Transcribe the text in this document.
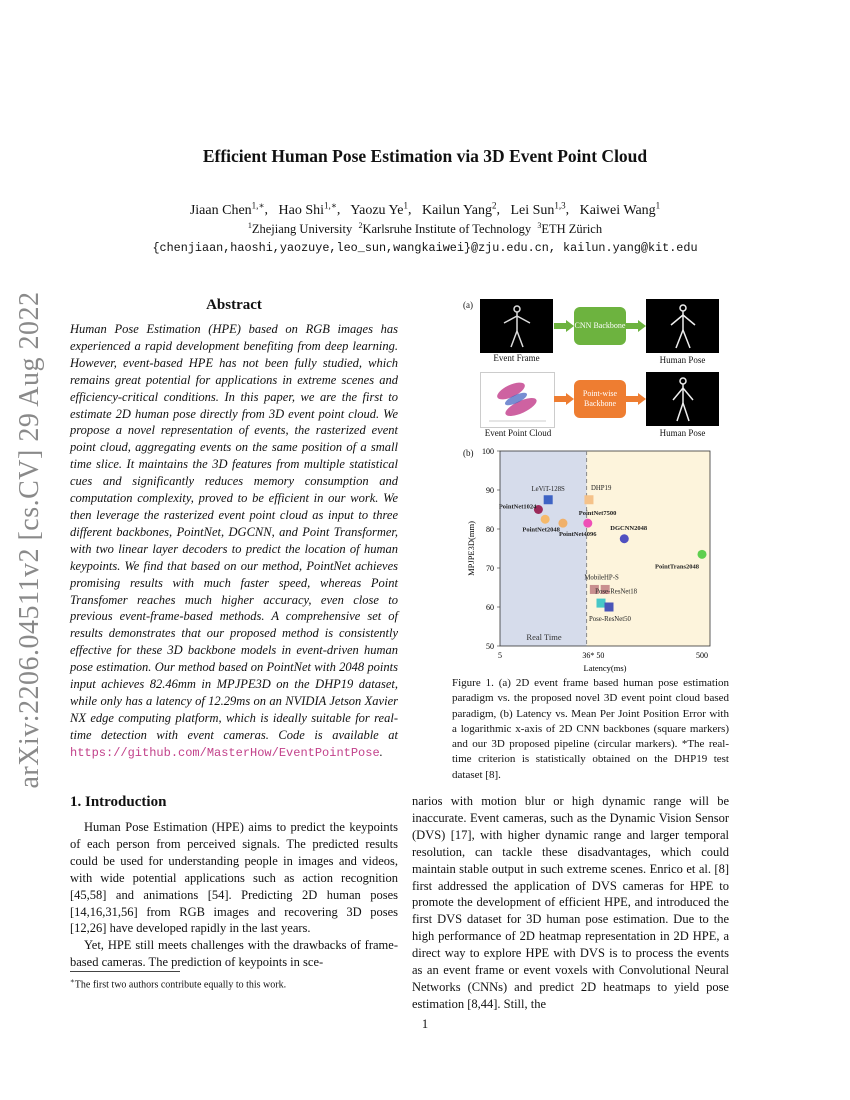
arXiv:2206.04511v2 [cs.CV] 29 Aug 2022
Efficient Human Pose Estimation via 3D Event Point Cloud
Jiaan Chen$^{1,∗}$,   Hao Shi$^{1,∗}$,   Yaozu Ye$^1$,   Kailun Yang$^2$,   Lei Sun$^{1,3}$,   Kaiwei Wang$^1$
$^1$Zhejiang University $^2$Karlsruhe Institute of Technology $^3$ETH Zürich
{chenjiaan,haoshi,yaozuye,leo_sun,wangkaiwei}@zju.edu.cn, kailun.yang@kit.edu
Abstract
Human Pose Estimation (HPE) based on RGB images has experienced a rapid development benefiting from deep learning. However, event-based HPE has not been fully studied, which remains great potential for applications in extreme scenes and efficiency-critical conditions. In this paper, we are the first to estimate 2D human pose directly from 3D event point cloud. We propose a novel representation of events, the rasterized event point cloud, aggregating events on the same position of a small time slice. It maintains the 3D features from multiple statistical cues and significantly reduces memory consumption and computation complexity, proved to be efficient in our work. We then leverage the rasterized event point cloud as input to three different backbones, PointNet, DGCNN, and Point Transformer, with two linear layer decoders to predict the location of human keypoints. We find that based on our method, PointNet achieves promising results with much faster speed, whereas Point Transfomer reaches much higher accuracy, even close to previous event-frame-based methods. A comprehensive set of results demonstrates that our proposed method is consistently effective for these 3D backbone models in event-driven human pose estimation. Our method based on PointNet with 2048 points input achieves 82.46mm in MPJPE3D on the DHP19 dataset, while only has a latency of 12.29ms on an NVIDIA Jetson Xavier NX edge computing platform, which is ideally suitable for real-time detection with event cameras. Code is available at https://github.com/MasterHow/EventPointPose.
1. Introduction

Human Pose Estimation (HPE) aims to predict the keypoints of each person from perceived signals. The predicted results could be used for understanding people in images and videos, with wide potential applications such as action recognition [45,58] and animations [54]. Predicting 2D human poses [14,16,31,56] from RGB images and recovering 3D poses [12,26] have developed rapidly in the last years.

Yet, HPE still meets challenges with the drawbacks of frame-based cameras. The prediction of keypoints in sce-

∗The first two authors contribute equally to this work.

narios with motion blur or high dynamic range will be inaccurate. Event cameras, such as the Dynamic Vision Sensor (DVS) [17], with higher dynamic range and larger temporal resolution, can tackle these disadvantages, which could maintain stable output in such extreme scenes. Enrico et al. [8] first addressed the application of DVS cameras for HPE to promote the development of efficient HPE, and introduced the first DVS dataset for 3D human pose estimation. Due to the high performance of 2D heatmap representation in 2D HPE, a direct way to explore HPE with DVS is to process the events as an event frame or event voxels with Convolutional Neural Networks (CNNs) and predict 2D heatmaps to yield pose estimation [8,44]. Still, the

(a)
Event Frame
CNN Backbone
Human Pose
Event Point Cloud
Point-wise Backbone
Human Pose
(b)
Real Time
50
60
70
80
90
100
5	36* 50	500
Latency(ms)
MPJPE3D(mm)
PointNet1024
LeViT-128S	DHP19
PointNet2048
PointNet4096
PointNet7500
DGCNN2048
PointTrans2048
MobileHP-S
Pose-ResNet18
Pose-ResNet50
Figure 1. (a) 2D event frame based human pose estimation paradigm vs. the proposed novel 3D event point cloud based paradigm, (b) Latency vs. Mean Per Joint Position Error with a logarithmic x-axis of 2D CNN backbones (square markers) and our 3D proposed pipeline (circular markers). *The real-time criterion is statistically obtained on the DHP19 test dataset [8].
1
